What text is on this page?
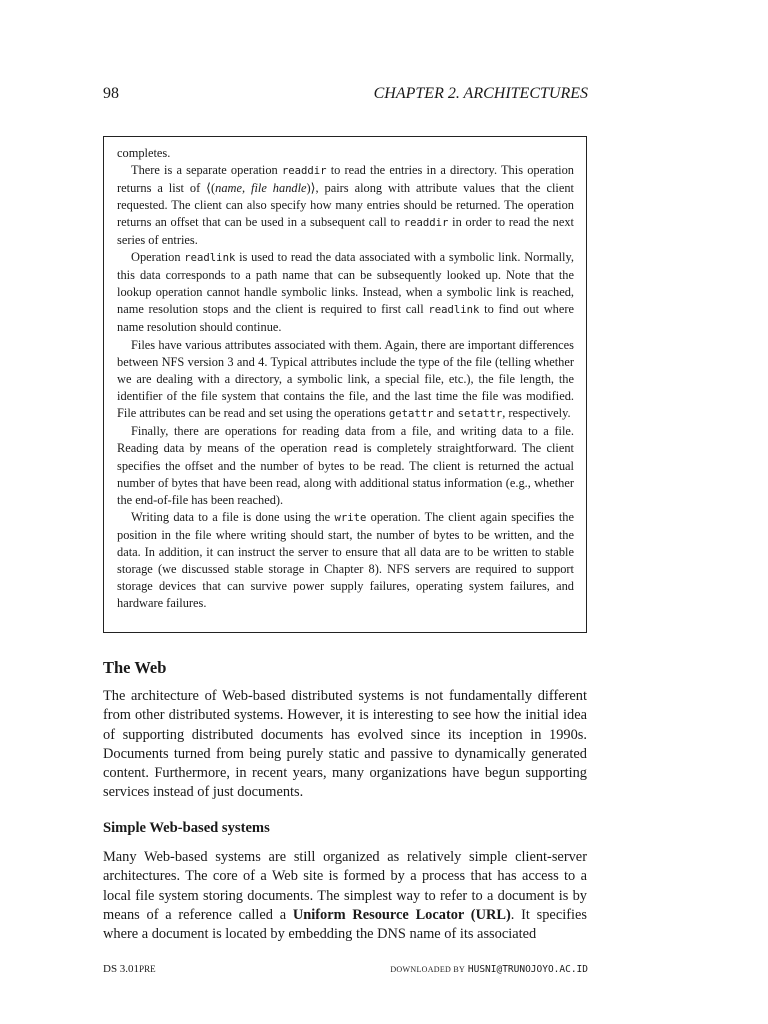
98	CHAPTER 2. ARCHITECTURES

completes.

There is a separate operation readdir to read the entries in a directory. This operation returns a list of ⟨(name, file handle)⟩, pairs along with attribute values that the client requested. The client can also specify how many entries should be returned. The operation returns an offset that can be used in a subsequent call to readdir in order to read the next series of entries.

Operation readlink is used to read the data associated with a symbolic link. Normally, this data corresponds to a path name that can be subsequently looked up. Note that the lookup operation cannot handle symbolic links. Instead, when a symbolic link is reached, name resolution stops and the client is required to first call readlink to find out where name resolution should continue.

Files have various attributes associated with them. Again, there are important differences between NFS version 3 and 4. Typical attributes include the type of the file (telling whether we are dealing with a directory, a symbolic link, a special file, etc.), the file length, the identifier of the file system that contains the file, and the last time the file was modified. File attributes can be read and set using the operations getattr and setattr, respectively.

Finally, there are operations for reading data from a file, and writing data to a file. Reading data by means of the operation read is completely straightforward. The client specifies the offset and the number of bytes to be read. The client is returned the actual number of bytes that have been read, along with additional status information (e.g., whether the end-of-file has been reached).

Writing data to a file is done using the write operation. The client again specifies the position in the file where writing should start, the number of bytes to be written, and the data. In addition, it can instruct the server to ensure that all data are to be written to stable storage (we discussed stable storage in Chapter 8). NFS servers are required to support storage devices that can survive power supply failures, operating system failures, and hardware failures.

The Web

The architecture of Web-based distributed systems is not fundamentally different from other distributed systems. However, it is interesting to see how the initial idea of supporting distributed documents has evolved since its inception in 1990s. Documents turned from being purely static and passive to dynamically generated content. Furthermore, in recent years, many organizations have begun supporting services instead of just documents.

Simple Web-based systems

Many Web-based systems are still organized as relatively simple client-server architectures. The core of a Web site is formed by a process that has access to a local file system storing documents. The simplest way to refer to a document is by means of a reference called a Uniform Resource Locator (URL). It specifies where a document is located by embedding the DNS name of its associated

DS 3.01PRE	DOWNLOADED BY HUSNI@TRUNOJOYO.AC.ID
